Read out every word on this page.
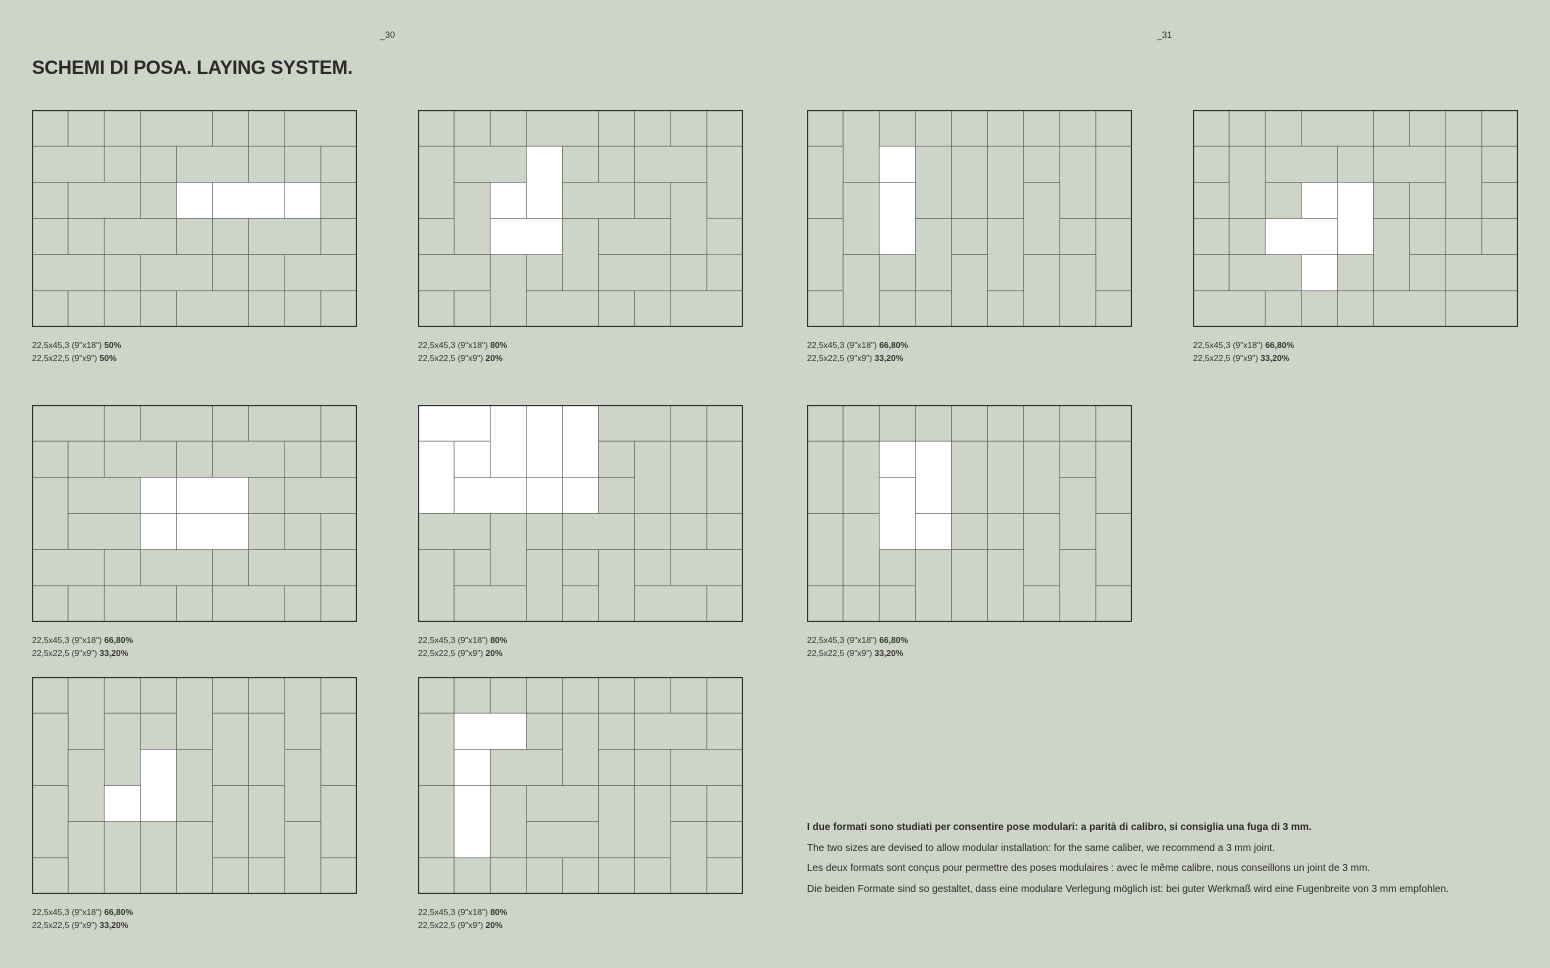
_30	_31
SCHEMI DI POSA. LAYING SYSTEM.
22,5x45,3 (9"x18") 50%
22,5x22,5 (9"x9") 50%
22,5x45,3 (9"x18") 80%
22,5x22,5 (9"x9") 20%
22,5x45,3 (9"x18") 66,80%
22,5x22,5 (9"x9") 33,20%
22,5x45,3 (9"x18") 66,80%
22,5x22,5 (9"x9") 33,20%
22,5x45,3 (9"x18") 66,80%
22,5x22,5 (9"x9") 33,20%
22,5x45,3 (9"x18") 80%
22,5x22,5 (9"x9") 20%
22,5x45,3 (9"x18") 66,80%
22,5x22,5 (9"x9") 33,20%
22,5x45,3 (9"x18") 66,80%
22,5x22,5 (9"x9") 33,20%
22,5x45,3 (9"x18") 80%
22,5x22,5 (9"x9") 20%

I due formati sono studiati per consentire pose modulari: a parità di calibro, si consiglia una fuga di 3 mm.

The two sizes are devised to allow modular installation: for the same caliber, we recommend a 3 mm joint.

Les deux formats sont conçus pour permettre des poses modulaires : avec le même calibre, nous conseillons un joint de 3 mm.

Die beiden Formate sind so gestaltet, dass eine modulare Verlegung möglich ist: bei guter Werkmaß wird eine Fugenbreite von 3 mm empfohlen.
